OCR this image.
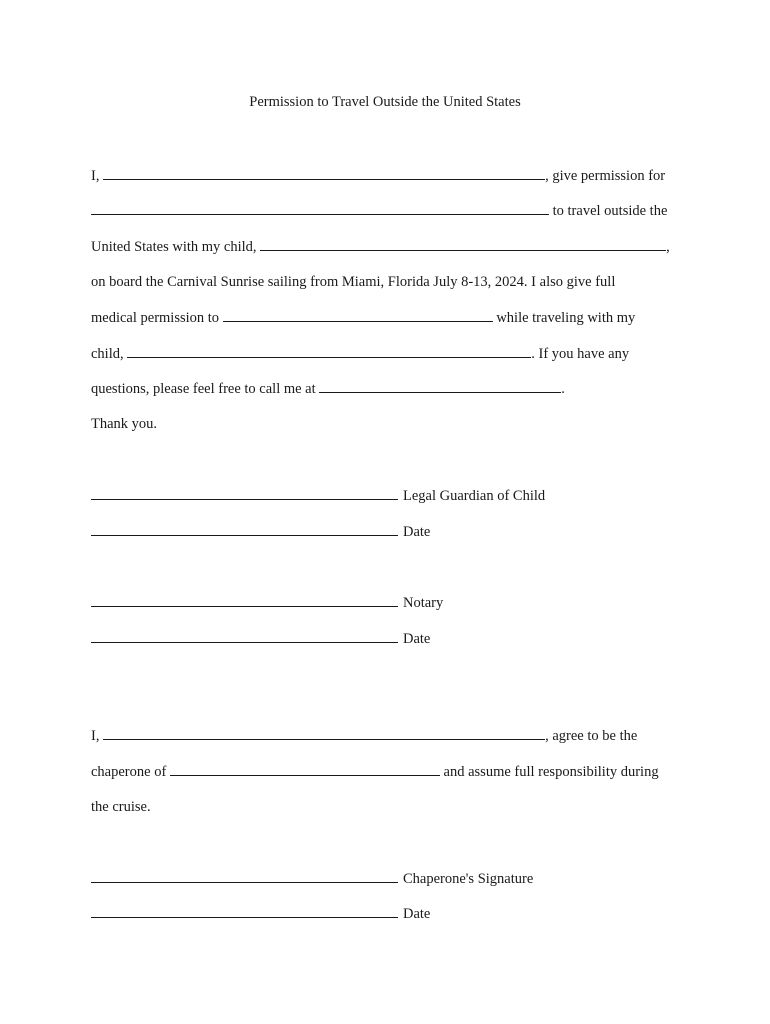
Permission to Travel Outside the United States
I,	, give permission for
to travel outside the
United States with my child,	,
on board the Carnival Sunrise sailing from Miami, Florida July 8-13, 2024. I also give full
medical permission to	while traveling with my
child,	. If you have any
questions, please feel free to call me at	.
Thank you.
Legal Guardian of Child
Date
Notary
Date
I,	, agree to be the
chaperone of	and assume full responsibility during
the cruise.
Chaperone's Signature
Date
